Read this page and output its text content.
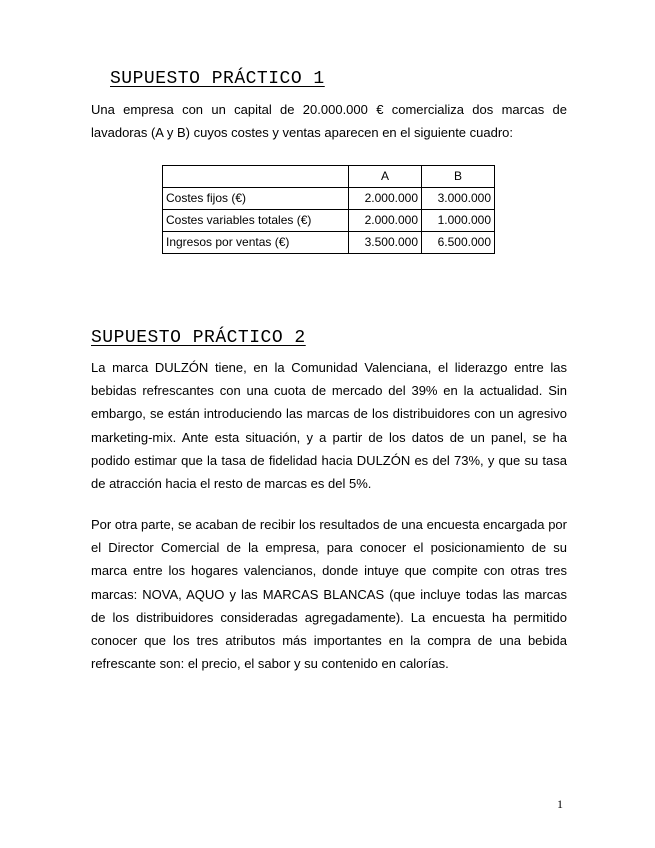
SUPUESTO PRÁCTICO 1

Una empresa con un capital de 20.000.000 € comercializa dos marcas de lavadoras (A y B) cuyos costes y ventas aparecen en el siguiente cuadro:

	A	B
Costes fijos (€)	2.000.000	3.000.000
Costes variables totales (€)	2.000.000	1.000.000
Ingresos por ventas (€)	3.500.000	6.500.000
SUPUESTO PRÁCTICO 2

La marca DULZÓN tiene, en la Comunidad Valenciana, el liderazgo entre las bebidas refrescantes con una cuota de mercado del 39% en la actualidad. Sin embargo, se están introduciendo las marcas de los distribuidores con un agresivo marketing-mix. Ante esta situación, y a partir de los datos de un panel, se ha podido estimar que la tasa de fidelidad hacia DULZÓN es del 73%, y que su tasa de atracción hacia el resto de marcas es del 5%.

Por otra parte, se acaban de recibir los resultados de una encuesta encargada por el Director Comercial de la empresa, para conocer el posicionamiento de su marca entre los hogares valencianos, donde intuye que compite con otras tres marcas: NOVA, AQUO y las MARCAS BLANCAS (que incluye todas las marcas de los distribuidores consideradas agregadamente). La encuesta ha permitido conocer que los tres atributos más importantes en la compra de una bebida refrescante son: el precio, el sabor y su contenido en calorías.

1
